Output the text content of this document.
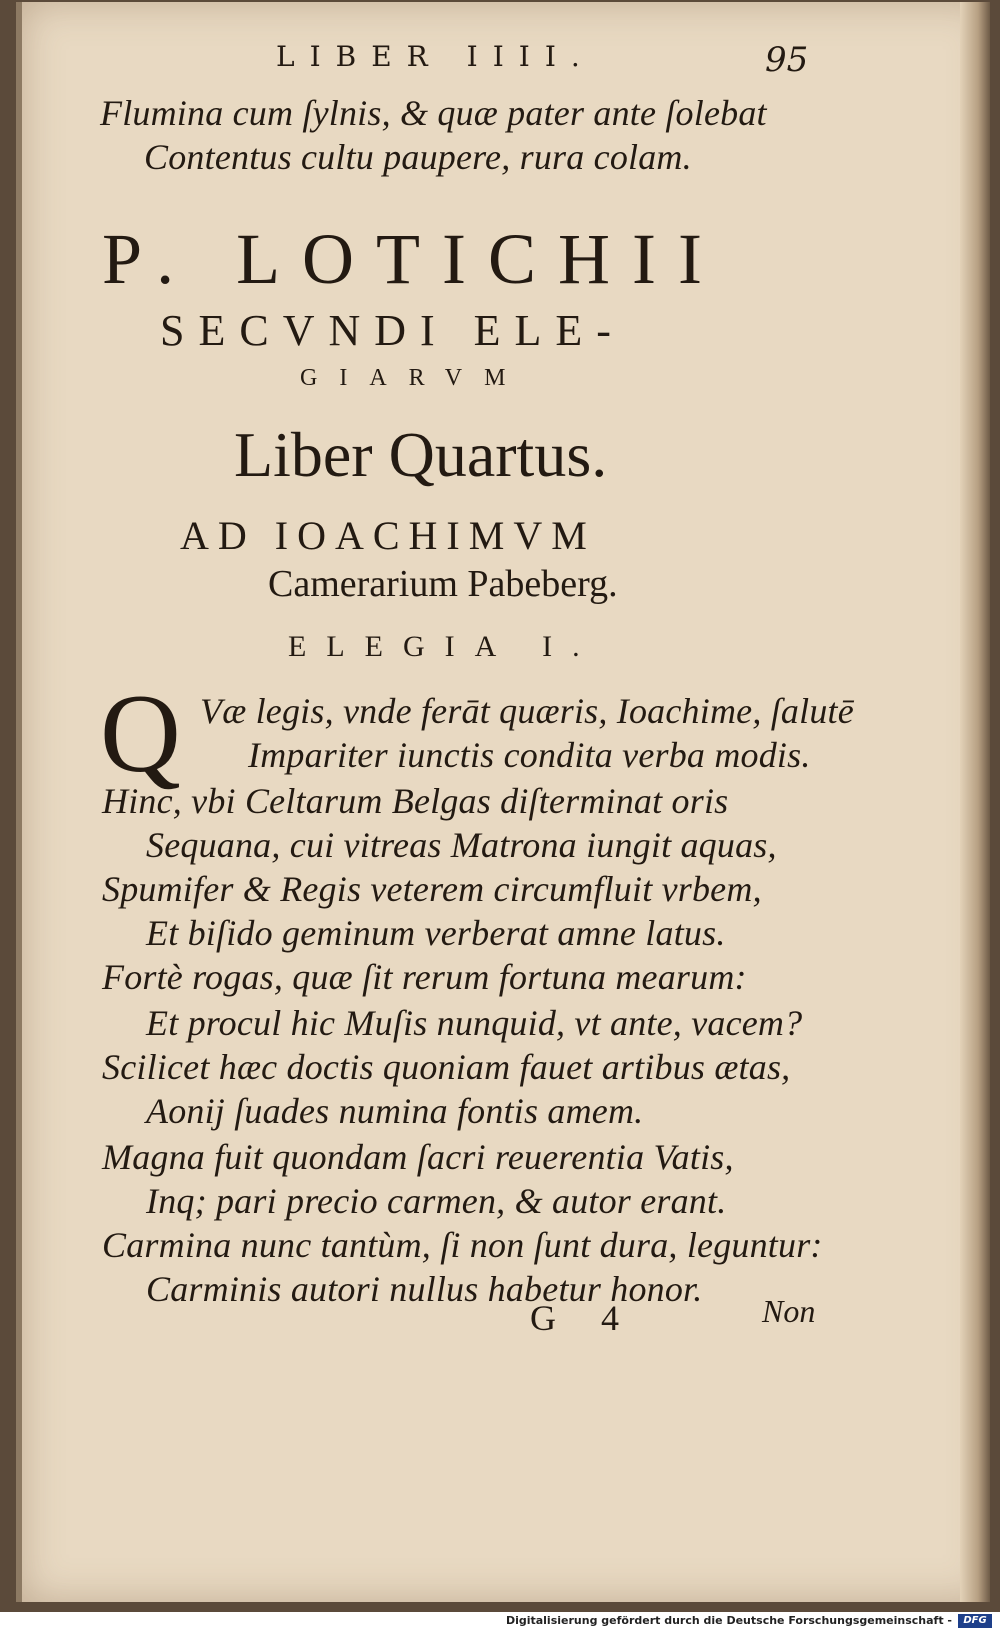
LIBER IIII.	95
Flumina cum ſylnis, & quæ pater ante ſolebat
Contentus cultu paupere, rura colam.
P. LOTICHII
SECVNDI ELE-
GIARVM
Liber Quartus.
AD IOACHIMVM
Camerarium Pabeberg.
ELEGIA I.
Q Væ legis, vnde ferāt quæris, Ioachime, ſalutē
Impariter iunctis condita verba modis.
Hinc, vbi Celtarum Belgas diſterminat oris
Sequana, cui vitreas Matrona iungit aquas,
Spumifer & Regis veterem circumfluit vrbem,
Et biſido geminum verberat amne latus.
Fortè rogas, quæ ſit rerum fortuna mearum:
Et procul hic Muſis nunquid, vt ante, vacem?
Scilicet hæc doctis quoniam fauet artibus ætas,
Aonij ſuades numina fontis amem.
Magna fuit quondam ſacri reuerentia Vatis,
Inq; pari precio carmen, & autor erant.
Carmina nunc tantùm, ſi non ſunt dura, leguntur:
Carminis autori nullus habetur honor.
G 4	Non
Digitalisierung gefördert durch die Deutsche Forschungsgemeinschaft -	DFG
